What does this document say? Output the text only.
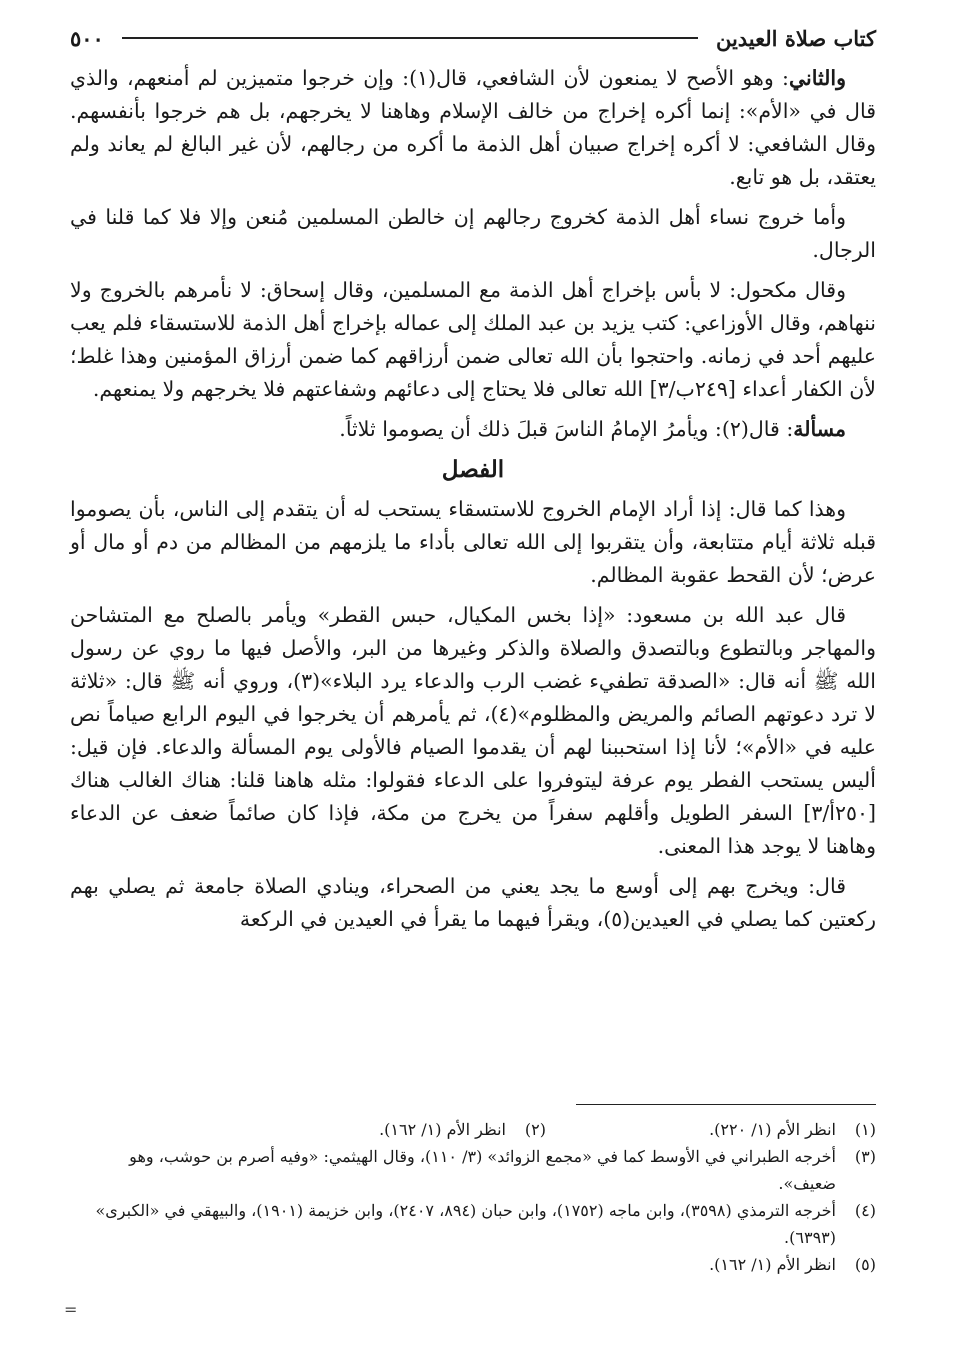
كتاب صلاة العيدين
٥٠٠

والثاني: وهو الأصح لا يمنعون لأن الشافعي، قال(١): وإن خرجوا متميزين لم أمنعهم، والذي قال في «الأم»: إنما أكره إخراج من خالف الإسلام وهاهنا لا يخرجهم، بل هم خرجوا بأنفسهم. وقال الشافعي: لا أكره إخراج صبيان أهل الذمة ما أكره من رجالهم، لأن غير البالغ لم يعاند ولم يعتقد، بل هو تابع.

وأما خروج نساء أهل الذمة كخروج رجالهم إن خالطن المسلمين مُنعن وإلا فلا كما قلنا في الرجال.

وقال مكحول: لا بأس بإخراج أهل الذمة مع المسلمين، وقال إسحاق: لا نأمرهم بالخروج ولا ننهاهم، وقال الأوزاعي: كتب يزيد بن عبد الملك إلى عماله بإخراج أهل الذمة للاستسقاء فلم يعب عليهم أحد في زمانه. واحتجوا بأن الله تعالى ضمن أرزاقهم كما ضمن أرزاق المؤمنين وهذا غلط؛ لأن الكفار أعداء [٢٤٩ب/٣] الله تعالى فلا يحتاج إلى دعائهم وشفاعتهم فلا يخرجهم ولا يمنعهم.

مسألة: قال(٢): ويأمرُ الإمامُ الناسَ قبلَ ذلك أن يصوموا ثلاثاً.

الفصل

وهذا كما قال: إذا أراد الإمام الخروج للاستسقاء يستحب له أن يتقدم إلى الناس، بأن يصوموا قبله ثلاثة أيام متتابعة، وأن يتقربوا إلى الله تعالى بأداء ما يلزمهم من المظالم من دم أو مال أو عرض؛ لأن القحط عقوبة المظالم.

قال عبد الله بن مسعود: «إذا بخس المكيال، حبس القطر» ويأمر بالصلح مع المتشاحن والمهاجر وبالتطوع وبالتصدق والصلاة والذكر وغيرها من البر، والأصل فيها ما روي عن رسول الله ﷺ أنه قال: «الصدقة تطفيء غضب الرب والدعاء يرد البلاء»(٣)، وروي أنه ﷺ قال: «ثلاثة لا ترد دعوتهم الصائم والمريض والمظلوم»(٤)، ثم يأمرهم أن يخرجوا في اليوم الرابع صياماً نص عليه في «الأم»؛ لأنا إذا استحببنا لهم أن يقدموا الصيام فالأولى يوم المسألة والدعاء. فإن قيل: أليس يستحب الفطر يوم عرفة ليتوفروا على الدعاء فقولوا: مثله هاهنا قلنا: هناك الغالب هناك [٢٥٠أ/٣] السفر الطويل وأقلهم سفراً من يخرج من مكة، فإذا كان صائماً ضعف عن الدعاء وهاهنا لا يوجد هذا المعنى.

قال: ويخرج بهم إلى أوسع ما يجد يعني من الصحراء، وينادي الصلاة جامعة ثم يصلي بهم ركعتين كما يصلي في العيدين(٥)، ويقرأ فيهما ما يقرأ في العيدين في الركعة

(١)
انظر الأم (١/ ٢٢٠).
(٢)
انظر الأم (١/ ١٦٢).
(٣)
أخرجه الطبراني في الأوسط كما في «مجمع الزوائد» (٣/ ١١٠)، وقال الهيثمي: «وفيه أصرم بن حوشب، وهو ضعيف».
(٤)
أخرجه الترمذي (٣٥٩٨)، وابن ماجه (١٧٥٢)، وابن حبان (٨٩٤، ٢٤٠٧)، وابن خزيمة (١٩٠١)، والبيهقي في «الكبرى» (٦٣٩٣).
(٥)
انظر الأم (١/ ١٦٢).
=
